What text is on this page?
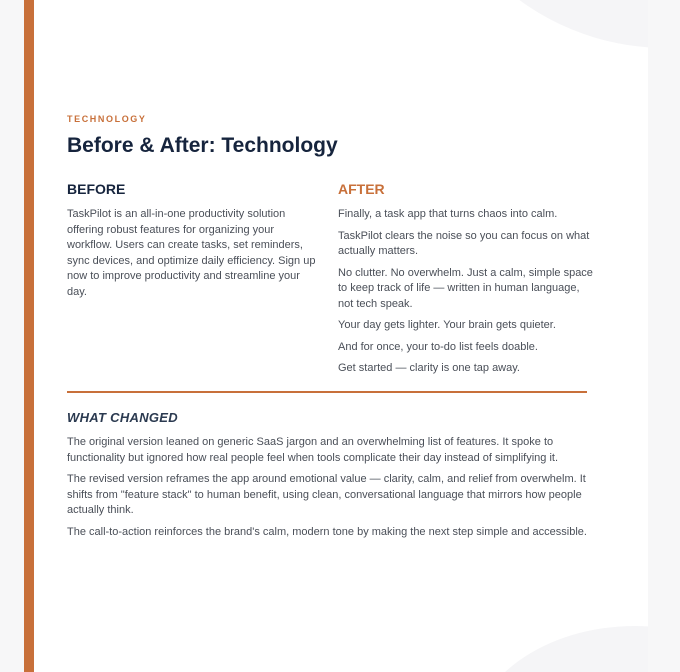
TECHNOLOGY
Before & After: Technology
BEFORE

TaskPilot is an all-in-one productivity solution offering robust features for organizing your workflow. Users can create tasks, set reminders, sync devices, and optimize daily efficiency. Sign up now to improve productivity and streamline your day.

AFTER

Finally, a task app that turns chaos into calm.

TaskPilot clears the noise so you can focus on what actually matters.

No clutter. No overwhelm. Just a calm, simple space to keep track of life — written in human language, not tech speak.

Your day gets lighter. Your brain gets quieter.

And for once, your to-do list feels doable.

Get started — clarity is one tap away.

WHAT CHANGED

The original version leaned on generic SaaS jargon and an overwhelming list of features. It spoke to functionality but ignored how real people feel when tools complicate their day instead of simplifying it.

The revised version reframes the app around emotional value — clarity, calm, and relief from overwhelm. It shifts from "feature stack" to human benefit, using clean, conversational language that mirrors how people actually think.

The call-to-action reinforces the brand's calm, modern tone by making the next step simple and accessible.
